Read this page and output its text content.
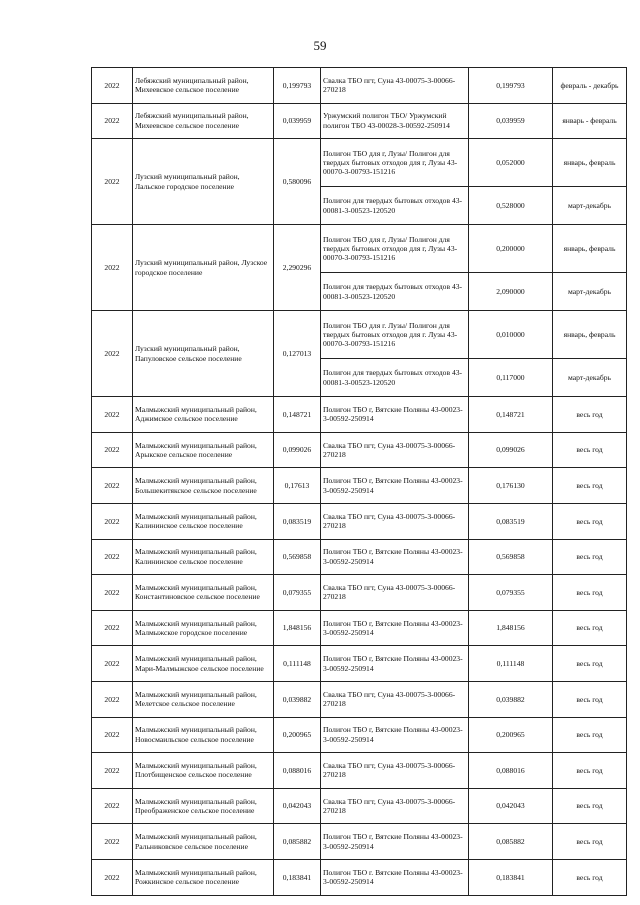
59
2022	Лебяжский муниципальный район, Михеевское сельское поселение	0,199793	Свалка ТБО пгт, Суна 43-00075-3-00066-270218	0,199793	февраль - декабрь
2022	Лебяжский муниципальный район, Михеевское сельское поселение	0,039959	Уржумский полигон ТБО/ Уржумский полигон ТБО 43-00028-3-00592-250914	0,039959	январь - февраль
2022	Лузский муниципальный район, Лальское городское поселение	0,580096	Полигон ТБО для г, Лузы/ Полигон для твердых бытовых отходов для г, Лузы 43-00070-3-00793-151216	0,052000	январь, февраль
			Полигон для твердых бытовых отходов 43-00081-3-00523-120520	0,528000	март-декабрь
2022	Лузский муниципальный район, Лузское городское поселение	2,290296	Полигон ТБО для г, Лузы/ Полигон для твердых бытовых отходов для г, Лузы 43-00070-3-00793-151216	0,200000	январь, февраль
			Полигон для твердых бытовых отходов 43-00081-3-00523-120520	2,090000	март-декабрь
2022	Лузский муниципальный район, Папуловское сельское поселение	0,127013	Полигон ТБО для г. Лузы/ Полигон для твердых бытовых отходов для г. Лузы 43-00070-3-00793-151216	0,010000	январь, февраль
			Полигон для твердых бытовых отходов 43-00081-3-00523-120520	0,117000	март-декабрь
2022	Малмыжский муниципальный район, Аджимское сельское поселение	0,148721	Полигон ТБО г, Вятские Поляны 43-00023-3-00592-250914	0,148721	весь год
2022	Малмыжский муниципальный район, Арыкское сельское поселение	0,099026	Свалка ТБО пгт, Суна 43-00075-3-00066-270218	0,099026	весь год
2022	Малмыжский муниципальный район, Большекитякское сельское поселение	0,17613	Полигон ТБО г, Вятские Поляны 43-00023-3-00592-250914	0,176130	весь год
2022	Малмыжский муниципальный район, Калининское сельское поселение	0,083519	Свалка ТБО пгт, Суна 43-00075-3-00066-270218	0,083519	весь год
2022	Малмыжский муниципальный район, Калининское сельское поселение	0,569858	Полигон ТБО г, Вятские Поляны 43-00023-3-00592-250914	0,569858	весь год
2022	Малмыжский муниципальный район, Константиновское сельское поселение	0,079355	Свалка ТБО пгт, Суна 43-00075-3-00066-270218	0,079355	весь год
2022	Малмыжский муниципальный район, Малмыжское городское поселение	1,848156	Полигон ТБО г, Вятские Поляны 43-00023-3-00592-250914	1,848156	весь год
2022	Малмыжский муниципальный район, Мари-Малмыжское сельское поселение	0,111148	Полигон ТБО г, Вятские Поляны 43-00023-3-00592-250914	0,111148	весь год
2022	Малмыжский муниципальный район, Мелетское сельское поселение	0,039882	Свалка ТБО пгт, Суна 43-00075-3-00066-270218	0,039882	весь год
2022	Малмыжский муниципальный район, Новосмаильское сельское поселение	0,200965	Полигон ТБО г, Вятские Поляны 43-00023-3-00592-250914	0,200965	весь год
2022	Малмыжский муниципальный район, Плотбищенское сельское поселение	0,088016	Свалка ТБО пгт, Суна 43-00075-3-00066-270218	0,088016	весь год
2022	Малмыжский муниципальный район, Преображенское сельское поселение	0,042043	Свалка ТБО пгт, Суна 43-00075-3-00066-270218	0,042043	весь год
2022	Малмыжский муниципальный район, Ральниковское сельское поселение	0,085882	Полигон ТБО г, Вятские Поляны 43-00023-3-00592-250914	0,085882	весь год
2022	Малмыжский муниципальный район, Рожкинское сельское поселение	0,183841	Полигон ТБО г. Вятские Поляны 43-00023-3-00592-250914	0,183841	весь год
